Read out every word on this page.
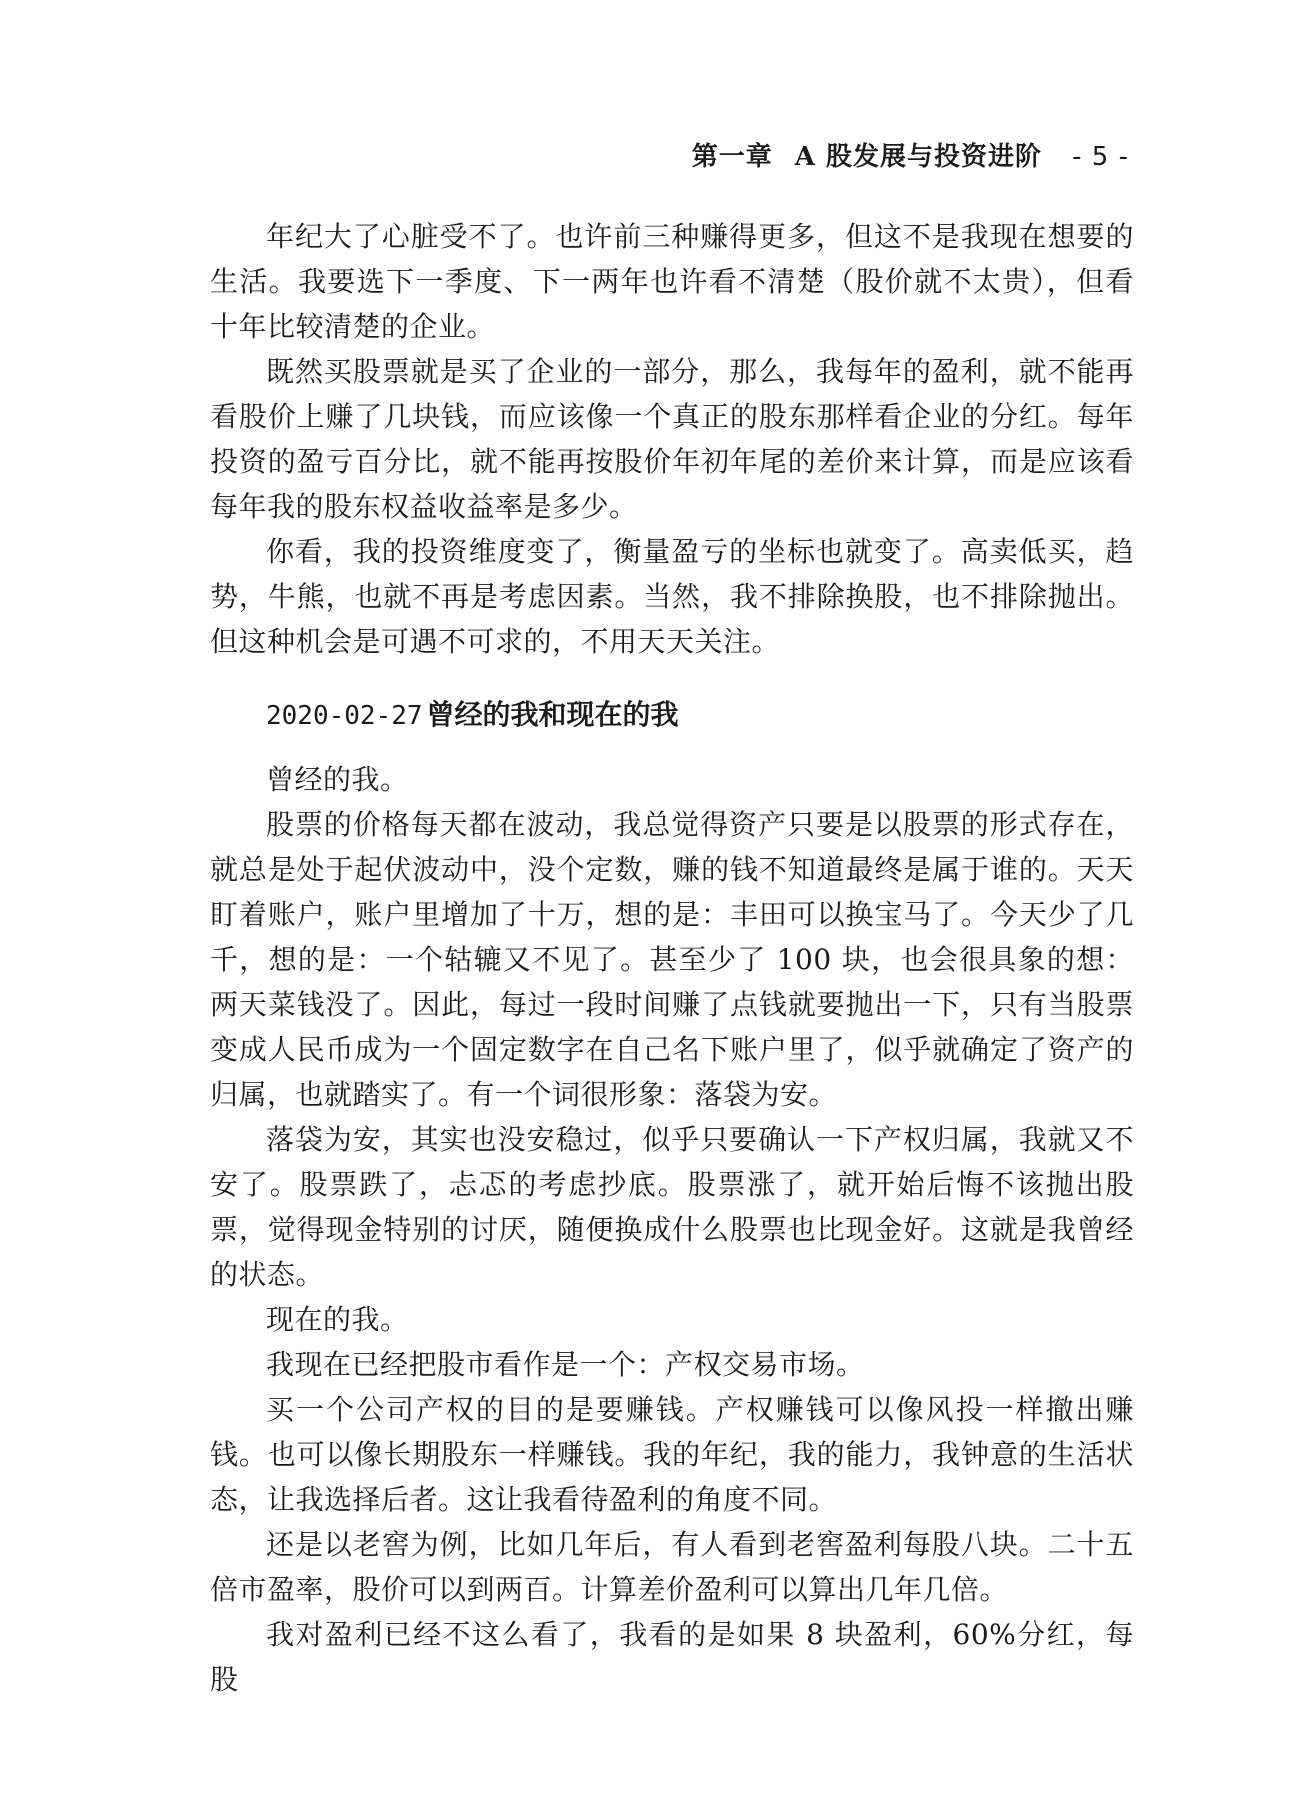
第一章 A 股发展与投资进阶 - 5 -

年纪大了心脏受不了。也许前三种赚得更多，但这不是我现在想要的生活。我要选下一季度、下一两年也许看不清楚（股价就不太贵），但看十年比较清楚的企业。

既然买股票就是买了企业的一部分，那么，我每年的盈利，就不能再看股价上赚了几块钱，而应该像一个真正的股东那样看企业的分红。每年投资的盈亏百分比，就不能再按股价年初年尾的差价来计算，而是应该看每年我的股东权益收益率是多少。

你看，我的投资维度变了，衡量盈亏的坐标也就变了。高卖低买，趋势，牛熊，也就不再是考虑因素。当然，我不排除换股，也不排除抛出。但这种机会是可遇不可求的，不用天天关注。

2020-02-27 曾经的我和现在的我

曾经的我。

股票的价格每天都在波动，我总觉得资产只要是以股票的形式存在，就总是处于起伏波动中，没个定数，赚的钱不知道最终是属于谁的。天天盯着账户，账户里增加了十万，想的是：丰田可以换宝马了。今天少了几千，想的是：一个轱辘又不见了。甚至少了 100 块，也会很具象的想：两天菜钱没了。因此，每过一段时间赚了点钱就要抛出一下，只有当股票变成人民币成为一个固定数字在自己名下账户里了，似乎就确定了资产的归属，也就踏实了。有一个词很形象：落袋为安。

落袋为安，其实也没安稳过，似乎只要确认一下产权归属，我就又不安了。股票跌了，忐忑的考虑抄底。股票涨了，就开始后悔不该抛出股票，觉得现金特别的讨厌，随便换成什么股票也比现金好。这就是我曾经的状态。

现在的我。

我现在已经把股市看作是一个：产权交易市场。

买一个公司产权的目的是要赚钱。产权赚钱可以像风投一样撤出赚钱。也可以像长期股东一样赚钱。我的年纪，我的能力，我钟意的生活状态，让我选择后者。这让我看待盈利的角度不同。

还是以老窖为例，比如几年后，有人看到老窖盈利每股八块。二十五倍市盈率，股价可以到两百。计算差价盈利可以算出几年几倍。

我对盈利已经不这么看了，我看的是如果 8 块盈利，60%分红，每股
